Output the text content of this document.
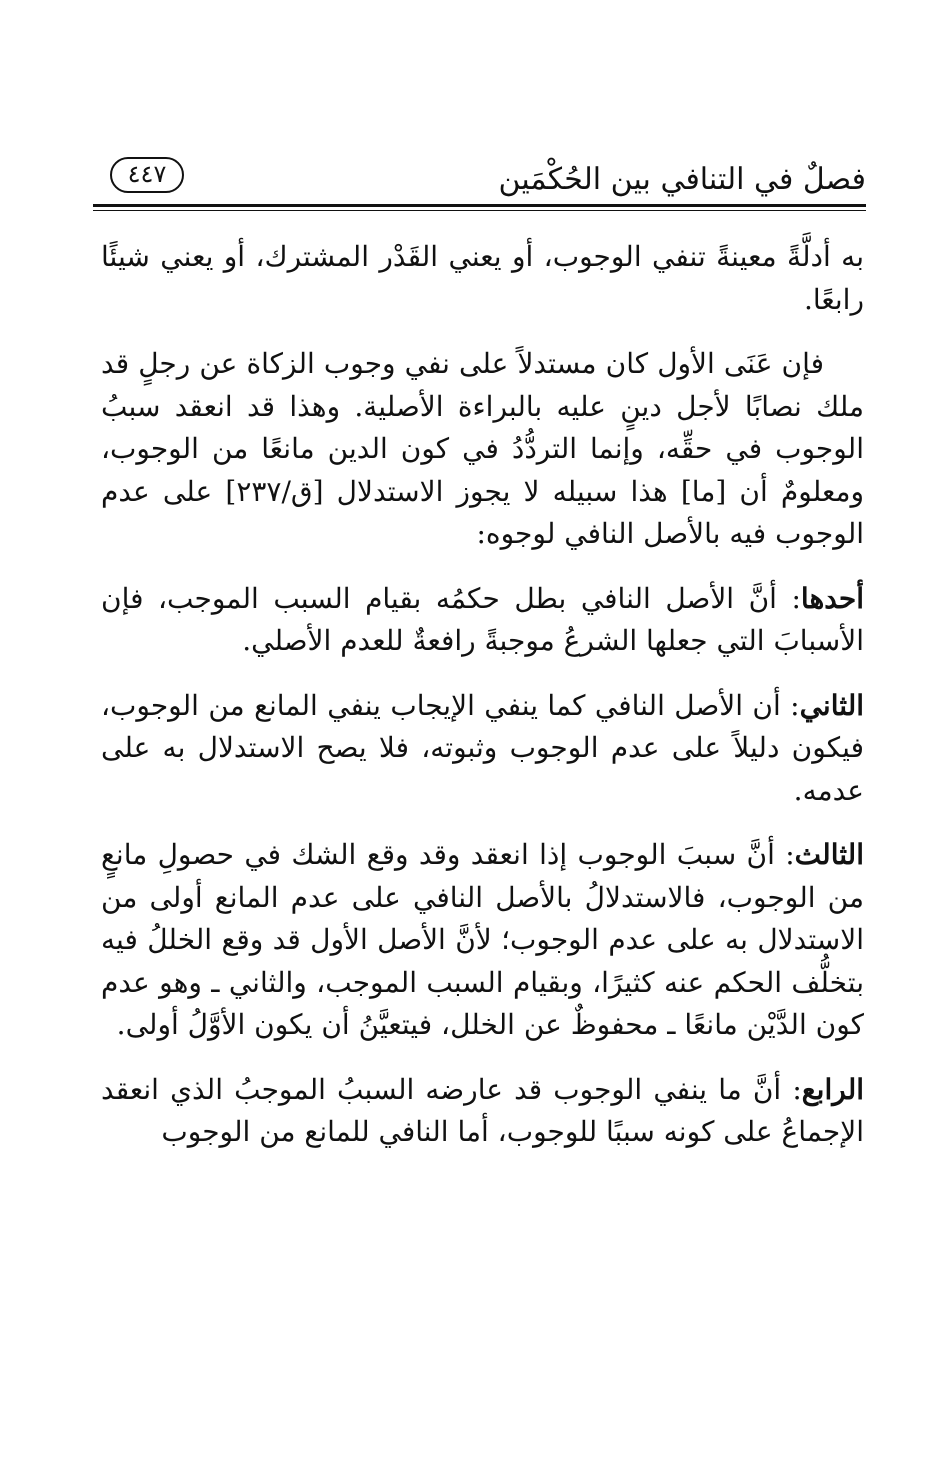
فصلٌ في التنافي بين الحُكْمَين
٤٤٧

به أدلَّةً معينةً تنفي الوجوب، أو يعني القَدْر المشترك، أو يعني شيئًا رابعًا.

فإن عَنَى الأول كان مستدلاً على نفي وجوب الزكاة عن رجلٍ قد ملك نصابًا لأجل دينٍ عليه بالبراءة الأصلية. وهذا قد انعقد سببُ الوجوب في حقِّه، وإنما التردُّدُ في كون الدين مانعًا من الوجوب، ومعلومٌ أن [ما] هذا سبيله لا يجوز الاستدلال [ق/٢٣٧] على عدم الوجوب فيه بالأصل النافي لوجوه:

أحدها: أنَّ الأصل النافي بطل حكمُه بقيام السبب الموجب، فإن الأسبابَ التي جعلها الشرعُ موجبةً رافعةٌ للعدم الأصلي.

الثاني: أن الأصل النافي كما ينفي الإيجاب ينفي المانع من الوجوب، فيكون دليلاً على عدم الوجوب وثبوته، فلا يصح الاستدلال به على عدمه.

الثالث: أنَّ سببَ الوجوب إذا انعقد وقد وقع الشك في حصولِ مانعٍ من الوجوب، فالاستدلالُ بالأصل النافي على عدم المانع أولى من الاستدلال به على عدم الوجوب؛ لأنَّ الأصل الأول قد وقع الخللُ فيه بتخلُّف الحكم عنه كثيرًا، وبقيام السبب الموجب، والثاني ـ وهو عدم كون الدَّيْن مانعًا ـ محفوظٌ عن الخلل، فيتعيَّنُ أن يكون الأوَّلُ أولى.

الرابع: أنَّ ما ينفي الوجوب قد عارضه السببُ الموجبُ الذي انعقد الإجماعُ على كونه سببًا للوجوب، أما النافي للمانع من الوجوب
